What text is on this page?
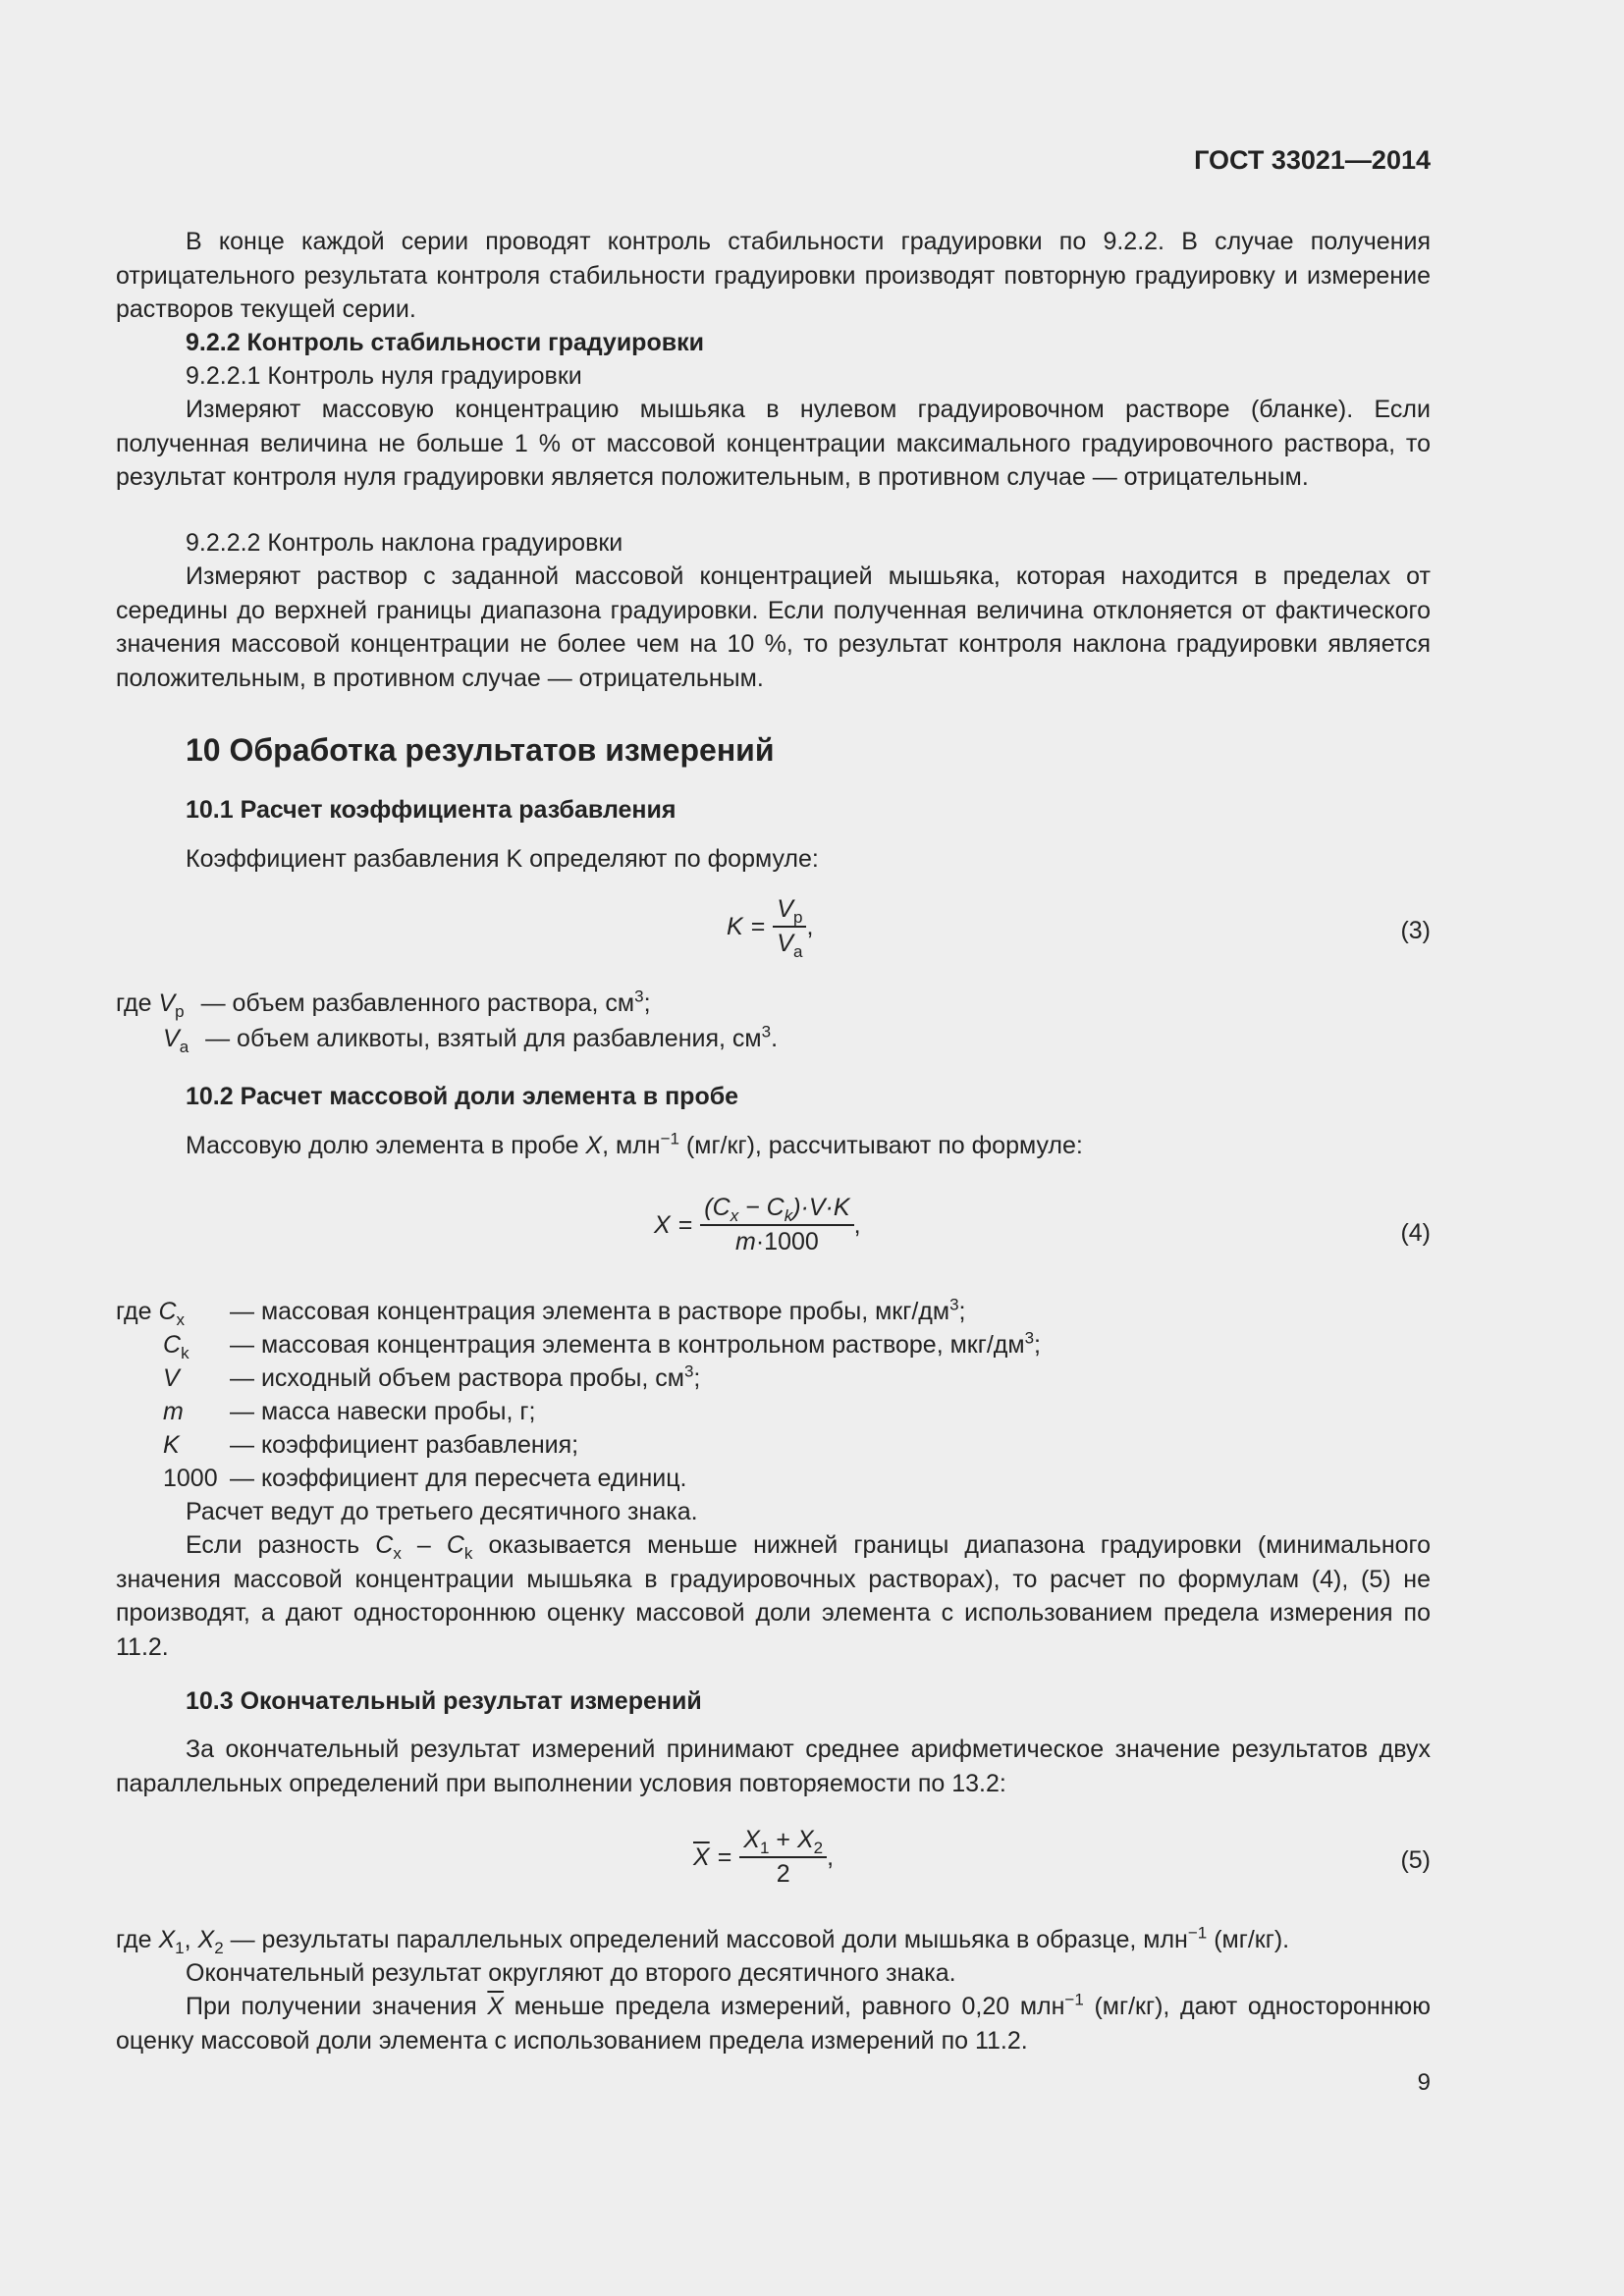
ГОСТ 33021—2014
В конце каждой серии проводят контроль стабильности градуировки по 9.2.2. В случае получения отрицательного результата контроля стабильности градуировки производят повторную градуировку и измерение растворов текущей серии.
9.2.2 Контроль стабильности градуировки
9.2.2.1 Контроль нуля градуировки
Измеряют массовую концентрацию мышьяка в нулевом градуировочном растворе (бланке). Если полученная величина не больше 1 % от массовой концентрации максимального градуировочного раствора, то результат контроля нуля градуировки является положительным, в противном случае — отрицательным.
9.2.2.2 Контроль наклона градуировки
Измеряют раствор с заданной массовой концентрацией мышьяка, которая находится в пределах от середины до верхней границы диапазона градуировки. Если полученная величина отклоняется от фактического значения массовой концентрации не более чем на 10 %, то результат контроля наклона градуировки является положительным, в противном случае — отрицательным.
10 Обработка результатов измерений
10.1 Расчет коэффициента разбавления
Коэффициент разбавления K определяют по формуле:
$K = \frac{V_p}{V_a}$ ,	(3)
где $V_p$ — объем разбавленного раствора, $см^3$;
$V_a$ — объем аликвоты, взятый для разбавления, $см^3$.
10.2 Расчет массовой доли элемента в пробе
Массовую долю элемента в пробе X, млн$^{-1}$ (мг/кг), рассчитывают по формуле:
$X = \frac{(C_x - C_k)\cdot V\cdot K}{m\cdot 1000}$ ,	(4)
где $C_x$ — массовая концентрация элемента в растворе пробы, мкг/$дм^3$;
$C_k$ — массовая концентрация элемента в контрольном растворе, мкг/$дм^3$;
V — исходный объем раствора пробы, $см^3$;
m — масса навески пробы, г;
K — коэффициент разбавления;
1000 — коэффициент для пересчета единиц.
Расчет ведут до третьего десятичного знака.
Если разность $C_x - C_k$ оказывается меньше нижней границы диапазона градуировки (минимального значения массовой концентрации мышьяка в градуировочных растворах), то расчет по формулам (4), (5) не производят, а дают одностороннюю оценку массовой доли элемента с использованием предела измерения по 11.2.
10.3 Окончательный результат измерений
За окончательный результат измерений принимают среднее арифметическое значение результатов двух параллельных определений при выполнении условия повторяемости по 13.2:
$\overline{X} = \frac{X_1 + X_2}{2}$ ,	(5)
где $X_1$, $X_2$ — результаты параллельных определений массовой доли мышьяка в образце, млн$^{-1}$ (мг/кг).
Окончательный результат округляют до второго десятичного знака.
При получении значения $\overline{X}$ меньше предела измерений, равного 0,20 млн$^{-1}$ (мг/кг), дают одностороннюю оценку массовой доли элемента с использованием предела измерений по 11.2.
9
